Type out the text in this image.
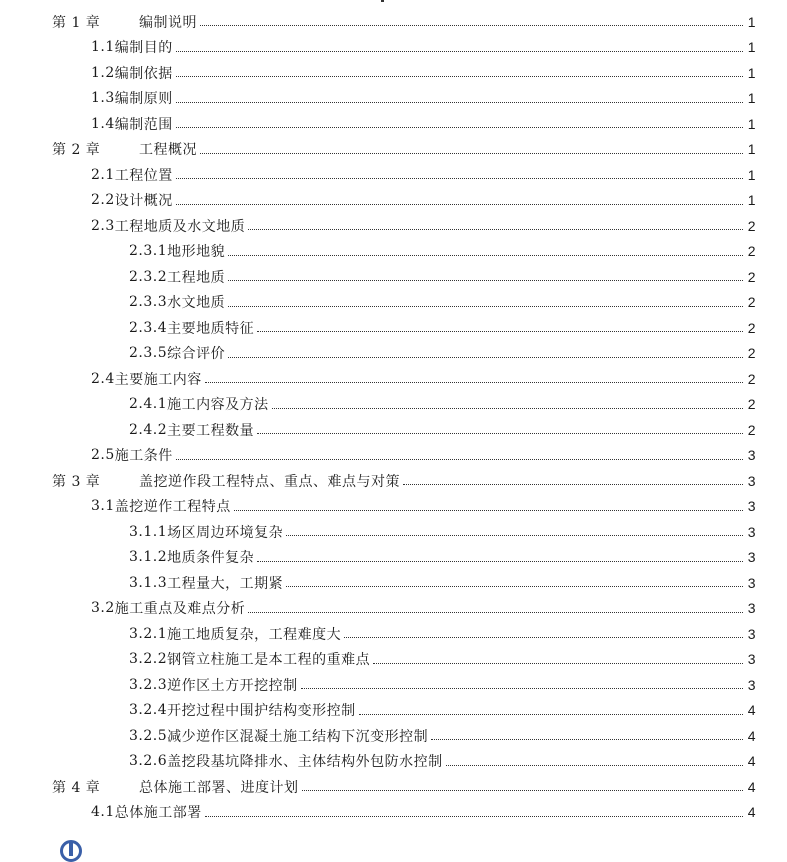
第 1 章	编制说明	1
1.1 编制目的	1
1.2 编制依据	1
1.3 编制原则	1
1.4 编制范围	1
第 2 章	工程概况	1
2.1 工程位置	1
2.2 设计概况	1
2.3 工程地质及水文地质	2
2.3.1 地形地貌	2
2.3.2 工程地质	2
2.3.3 水文地质	2
2.3.4 主要地质特征	2
2.3.5 综合评价	2
2.4 主要施工内容	2
2.4.1 施工内容及方法	2
2.4.2 主要工程数量	2
2.5 施工条件	3
第 3 章	盖挖逆作段工程特点、重点、难点与对策	3
3.1 盖挖逆作工程特点	3
3.1.1 场区周边环境复杂	3
3.1.2 地质条件复杂	3
3.1.3 工程量大，工期紧	3
3.2 施工重点及难点分析	3
3.2.1 施工地质复杂，工程难度大	3
3.2.2 钢管立柱施工是本工程的重难点	3
3.2.3 逆作区土方开挖控制	3
3.2.4 开挖过程中围护结构变形控制	4
3.2.5 减少逆作区混凝土施工结构下沉变形控制	4
3.2.6 盖挖段基坑降排水、主体结构外包防水控制	4
第 4 章	总体施工部署、进度计划	4
4.1 总体施工部署	4
